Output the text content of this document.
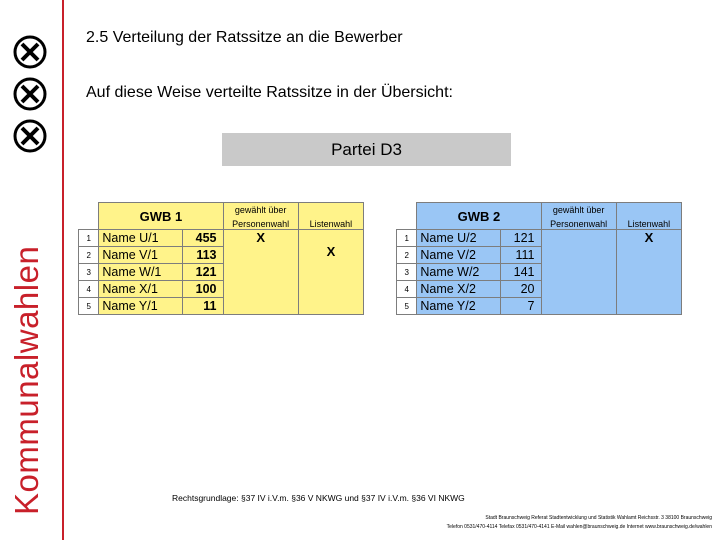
Kommunalwahlen
2.5 Verteilung der Ratssitze an die Bewerber
Auf diese Weise verteilte Ratssitze in der Übersicht:
Partei D3
	GWB 1		gewählt über
Personenwahl	Listenwahl
1	Name U/1	455	X	X
2	Name V/1	113		
3	Name W/1	121		
4	Name X/1	100		
5	Name Y/1	11		
	GWB 2		gewählt über
Personenwahl	Listenwahl
1	Name U/2	121		X
2	Name V/2	111		
3	Name W/2	141		
4	Name X/2	20		
5	Name Y/2	7		
Rechtsgrundlage: §37 IV i.V.m. §36 V NKWG und §37 IV i.V.m. §36 VI NKWG
Stadt Braunschweig Referat Stadtentwicklung und Statistik Wahlamt Reichsstr. 3 38100 Braunschweig
Telefon 0531/470-4114 Telefax 0531/470-4141 E-Mail wahlen@braunschweig.de Internet www.braunschweig.de/wahlen
